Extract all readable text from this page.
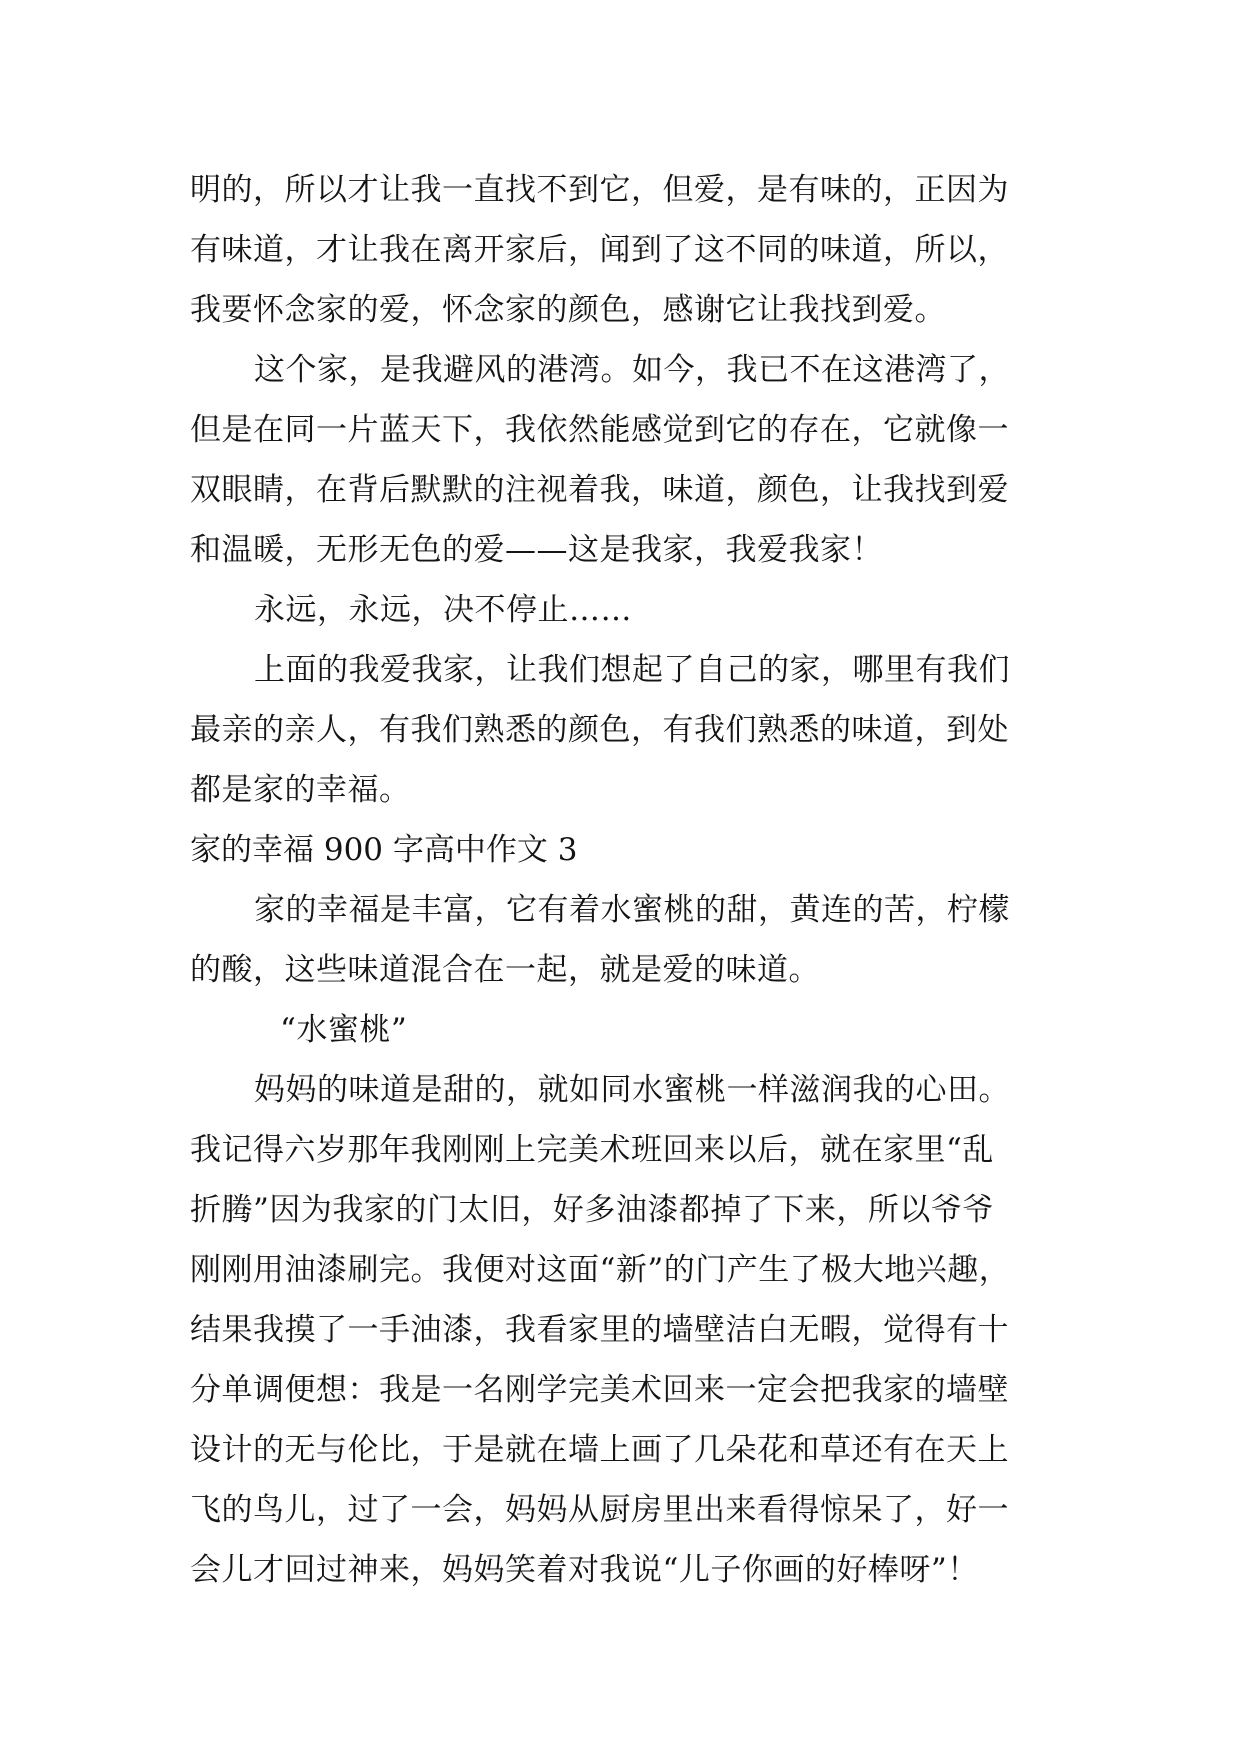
明的，所以才让我一直找不到它，但爱，是有味的，正因为
有味道，才让我在离开家后，闻到了这不同的味道，所以，
我要怀念家的爱，怀念家的颜色，感谢它让我找到爱。
这个家，是我避风的港湾。如今，我已不在这港湾了，
但是在同一片蓝天下，我依然能感觉到它的存在，它就像一
双眼睛，在背后默默的注视着我，味道，颜色，让我找到爱
和温暖，无形无色的爱——这是我家，我爱我家！
永远，永远，决不停止……
上面的我爱我家，让我们想起了自己的家，哪里有我们
最亲的亲人，有我们熟悉的颜色，有我们熟悉的味道，到处
都是家的幸福。
家的幸福 900 字高中作文 3
家的幸福是丰富，它有着水蜜桃的甜，黄连的苦，柠檬
的酸，这些味道混合在一起，就是爱的味道。
“水蜜桃”
妈妈的味道是甜的，就如同水蜜桃一样滋润我的心田。
我记得六岁那年我刚刚上完美术班回来以后，就在家里“乱
折腾”因为我家的门太旧，好多油漆都掉了下来，所以爷爷
刚刚用油漆刷完。我便对这面“新”的门产生了极大地兴趣，
结果我摸了一手油漆，我看家里的墙壁洁白无暇，觉得有十
分单调便想：我是一名刚学完美术回来一定会把我家的墙壁
设计的无与伦比，于是就在墙上画了几朵花和草还有在天上
飞的鸟儿，过了一会，妈妈从厨房里出来看得惊呆了，好一
会儿才回过神来，妈妈笑着对我说“儿子你画的好棒呀”！
